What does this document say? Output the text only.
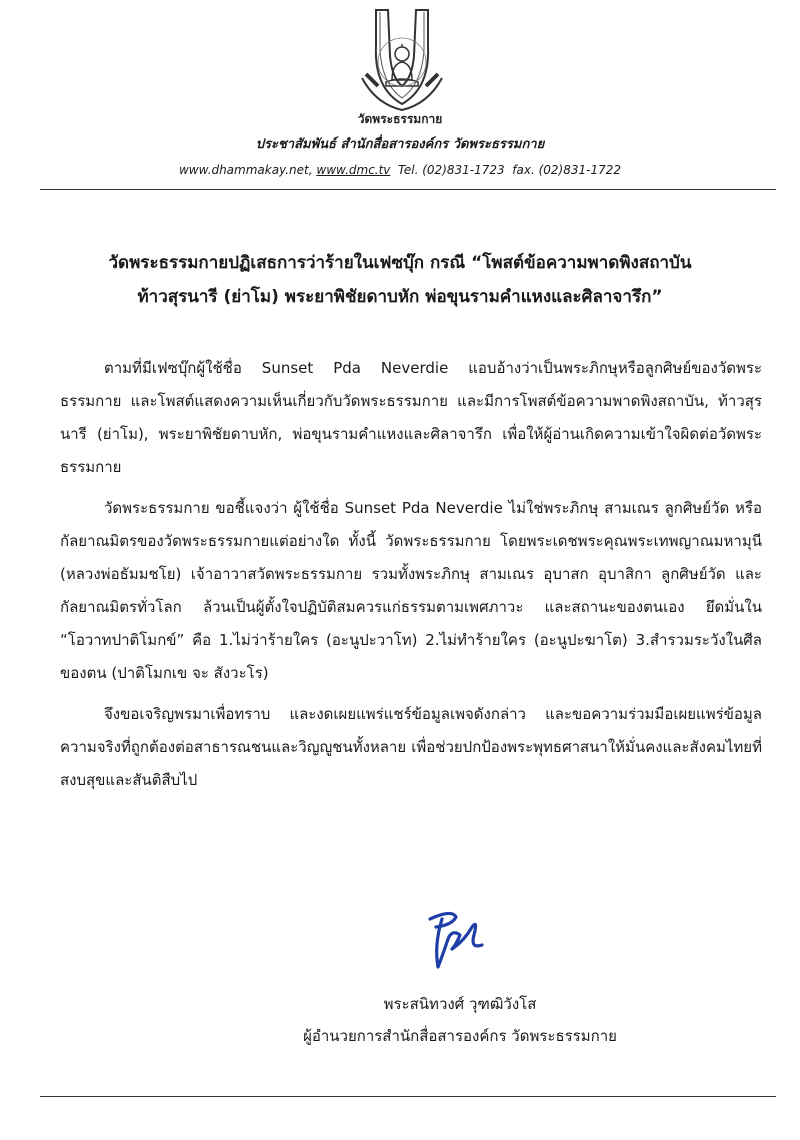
วัดพระธรรมกาย
ประชาสัมพันธ์ สำนักสื่อสารองค์กร วัดพระธรรมกาย
www.dhammakay.net, www.dmc.tv Tel. (02)831-1723 fax. (02)831-1722
วัดพระธรรมกายปฏิเสธการว่าร้ายในเฟซบุ๊ก กรณี “โพสต์ข้อความพาดพิงสถาบัน
ท้าวสุรนารี (ย่าโม) พระยาพิชัยดาบหัก พ่อขุนรามคำแหงและศิลาจารึก”

ตามที่มีเฟซบุ๊กผู้ใช้ชื่อ Sunset Pda Neverdie แอบอ้างว่าเป็นพระภิกษุหรือลูกศิษย์ของวัดพระธรรมกาย และโพสต์แสดงความเห็นเกี่ยวกับวัดพระธรรมกาย และมีการโพสต์ข้อความพาดพิงสถาบัน, ท้าวสุรนารี (ย่าโม), พระยาพิชัยดาบหัก, พ่อขุนรามคำแหงและศิลาจารึก เพื่อให้ผู้อ่านเกิดความเข้าใจผิดต่อวัดพระธรรมกาย

วัดพระธรรมกาย ขอชี้แจงว่า ผู้ใช้ชื่อ Sunset Pda Neverdie ไม่ใช่พระภิกษุ สามเณร ลูกศิษย์วัด หรือกัลยาณมิตรของวัดพระธรรมกายแต่อย่างใด ทั้งนี้ วัดพระธรรมกาย โดยพระเดชพระคุณพระเทพญาณมหามุนี (หลวงพ่อธัมมชโย) เจ้าอาวาสวัดพระธรรมกาย รวมทั้งพระภิกษุ สามเณร อุบาสก อุบาสิกา ลูกศิษย์วัด และกัลยาณมิตรทั่วโลก ล้วนเป็นผู้ตั้งใจปฏิบัติสมควรแก่ธรรมตามเพศภาวะ และสถานะของตนเอง ยึดมั่นใน “โอวาทปาติโมกข์” คือ 1.ไม่ว่าร้ายใคร (อะนูปะวาโท) 2.ไม่ทำร้ายใคร (อะนูปะฆาโต) 3.สำรวมระวังในศีลของตน (ปาติโมกเข จะ สังวะโร)

จึงขอเจริญพรมาเพื่อทราบ และงดเผยแพร่แชร์ข้อมูลเพจดังกล่าว และขอความร่วมมือเผยแพร่ข้อมูลความจริงที่ถูกต้องต่อสาธารณชนและวิญญูชนทั้งหลาย เพื่อช่วยปกป้องพระพุทธศาสนาให้มั่นคงและสังคมไทยที่สงบสุขและสันติสืบไป

พระสนิทวงศ์ วุฑฒิวังโส
ผู้อำนวยการสำนักสื่อสารองค์กร วัดพระธรรมกาย
